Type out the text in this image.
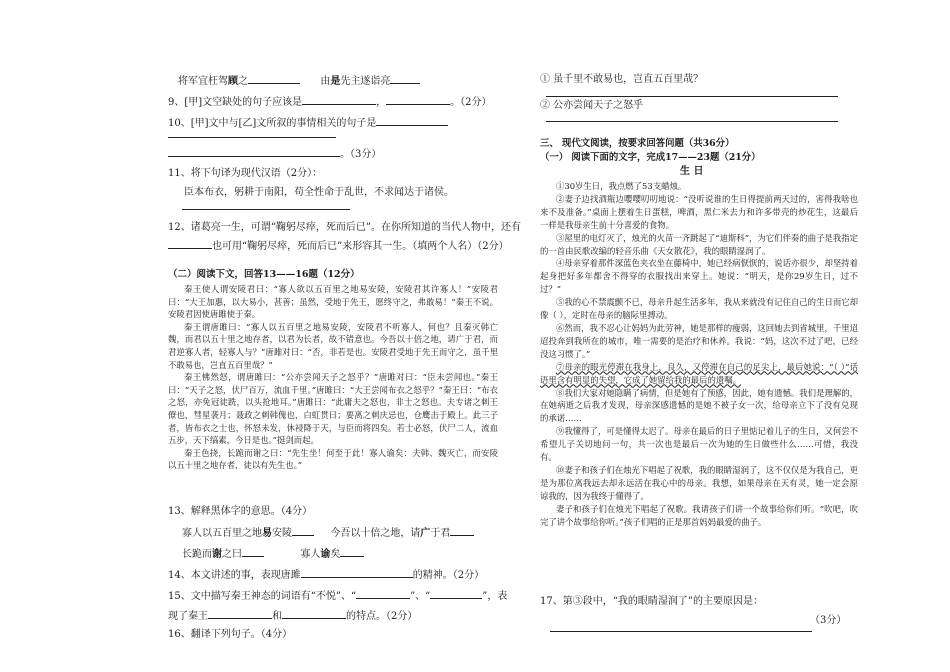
将军宜枉驾顾之	由是先主遂诣亮
9、[甲]文空缺处的句子应该是	，	。（2分）
10、[甲]文中与[乙]文所叙的事情相关的句子是
。（3分）
11、将下句译为现代汉语（2分）：
臣本布衣，躬耕于南阳，苟全性命于乱世，不求闻达于诸侯。
12、诸葛亮一生，可谓“鞠躬尽瘁，死而后已”。在你所知道的当代人物中，还有
也可用“鞠躬尽瘁，死而后已”来形容其一生。（填两个人名）（2分）
（二）阅读下文，回答13——16题（12分）

秦王使人谓安陵君曰：“寡人欲以五百里之地易安陵，安陵君其许寡人！”安陵君曰：“大王加惠，以大易小，甚善；虽然，受地于先王，愿终守之，弗敢易！”秦王不说。安陵君因使唐雎使于秦。

秦王谓唐雎曰：“寡人以五百里之地易安陵，安陵君不听寡人，何也？且秦灭韩亡魏，而君以五十里之地存者，以君为长者，故不错意也。今吾以十倍之地，请广于君，而君逆寡人者，轻寡人与？”唐雎对曰：“否，非若是也。安陵君受地于先王而守之，虽千里不敢易也，岂直五百里哉？”

秦王怫然怒，谓唐雎曰：“公亦尝闻天子之怒乎？”唐雎对曰：“臣未尝闻也。”秦王曰：“天子之怒，伏尸百万，流血千里。”唐雎曰：“大王尝闻布衣之怒乎？”秦王曰：“布衣之怒，亦免冠徒跣，以头抢地耳。”唐雎曰：“此庸夫之怒也，非士之怒也。夫专诸之刺王僚也，彗星袭月；聂政之刺韩傀也，白虹贯日；要离之刺庆忌也，仓鹰击于殿上。此三子者，皆布衣之士也，怀怒未发，休祲降于天，与臣而将四矣。若士必怒，伏尸二人，流血五步，天下缟素，今日是也。”挺剑而起。

秦王色挠，长跪而谢之曰：“先生坐！何至于此！寡人谕矣：夫韩、魏灭亡，而安陵以五十里之地存者，徒以有先生也。”

13、解释黑体字的意思。（4分）
寡人以五百里之地易安陵	今吾以十倍之地，请广于君
长跪而谢之曰	寡人谕矣
14、本文讲述的事，表现唐雎	的精神。（2分）
15、文中描写秦王神态的词语有“不悦”、“	”、“	”，表
现了秦王	和	的特点。（2分）
16、翻译下列句子。（4分）
① 虽千里不敢易也，岂直五百里哉？
② 公亦尝闻天子之怒乎
三、 现代文阅读，按要求回答问题（共36分）
（一） 阅读下面的文字，完成17——23题（21分）
生 日

①30岁生日，我点燃了53支蜡烛。

②妻子边找酒瓶边嘤嘤叨叨地说：“没听说谁的生日得提前两天过的，害得我啥也来不及准备。”桌面上摆着生日蛋糕，啤酒，黑仁米去力和许多带壳的炒花生，这最后一样是我母亲生前十分喜爱的食物。

③屋里的电灯灭了，烛光的火苗一齐跳起了“迪斯科”，为它们伴奏的曲子是我指定的一首由民歌改编的轻音乐曲《天女散花》，我的眼睛湿润了。

④母亲穿着那件深蓝色夹衣坐在藤椅中，她已经病恹恹的，说话亦很少，却坚持着起身把好多年都舍不得穿的衣服找出来穿上。她说：“明天，是你29岁生日，过不过？”

⑤我的心不禁震颤不已，母亲升起生活多年，我从来就没有记住自己的生日而它却像（ ），定时在母亲的脑际里搏动。

⑥然而，我不忍心让妈妈为此劳神，她是那样的瘦弱，这回她去到省城里，千里迢迢投奔到我所在的城市，唯一需要的是治疗和休养。我说：“妈，这次不过了吧，已经没这习惯了。”

⑦母亲的眼光停滞在我身上，良久，又停滞在自己的足尖上，最后她说：“（ ）”话语里含有明显的失望，它成了她留给我的最后的遗嘱。

⑧我们大家对她隐瞒了病情，但是她有了预感，因此，她有遗憾。我们是理解的，在她病逝之后我才发现，母亲深感遗憾的是她不被子女一次，给母亲立下了没有兑现的承诺……

⑨我懂得了，可是懂得太迟了。母亲在最后的日子里惦记着儿子的生日，又何尝不希望儿子关切地问一句，共一次也是最后一次为她的生日做些什么……可惜，我没有。

⑩妻子和孩子们在烛光下唱起了祝歌，我的眼睛湿润了，这不仅仅是为我自己，更是为那位离我远去却永远活在我心中的母亲。我想，如果母亲在天有灵，她一定会原谅我的，因为我终于懂得了。

妻子和孩子们在烛光下唱起了祝歌。我请孩子们讲一个故事给你们听。“吹吧，吹完了讲个故事给你听。”孩子们唱的正是那首妈妈最爱的曲子。

17、第③段中，“我的眼睛湿润了”的主要原因是：
（3分）
